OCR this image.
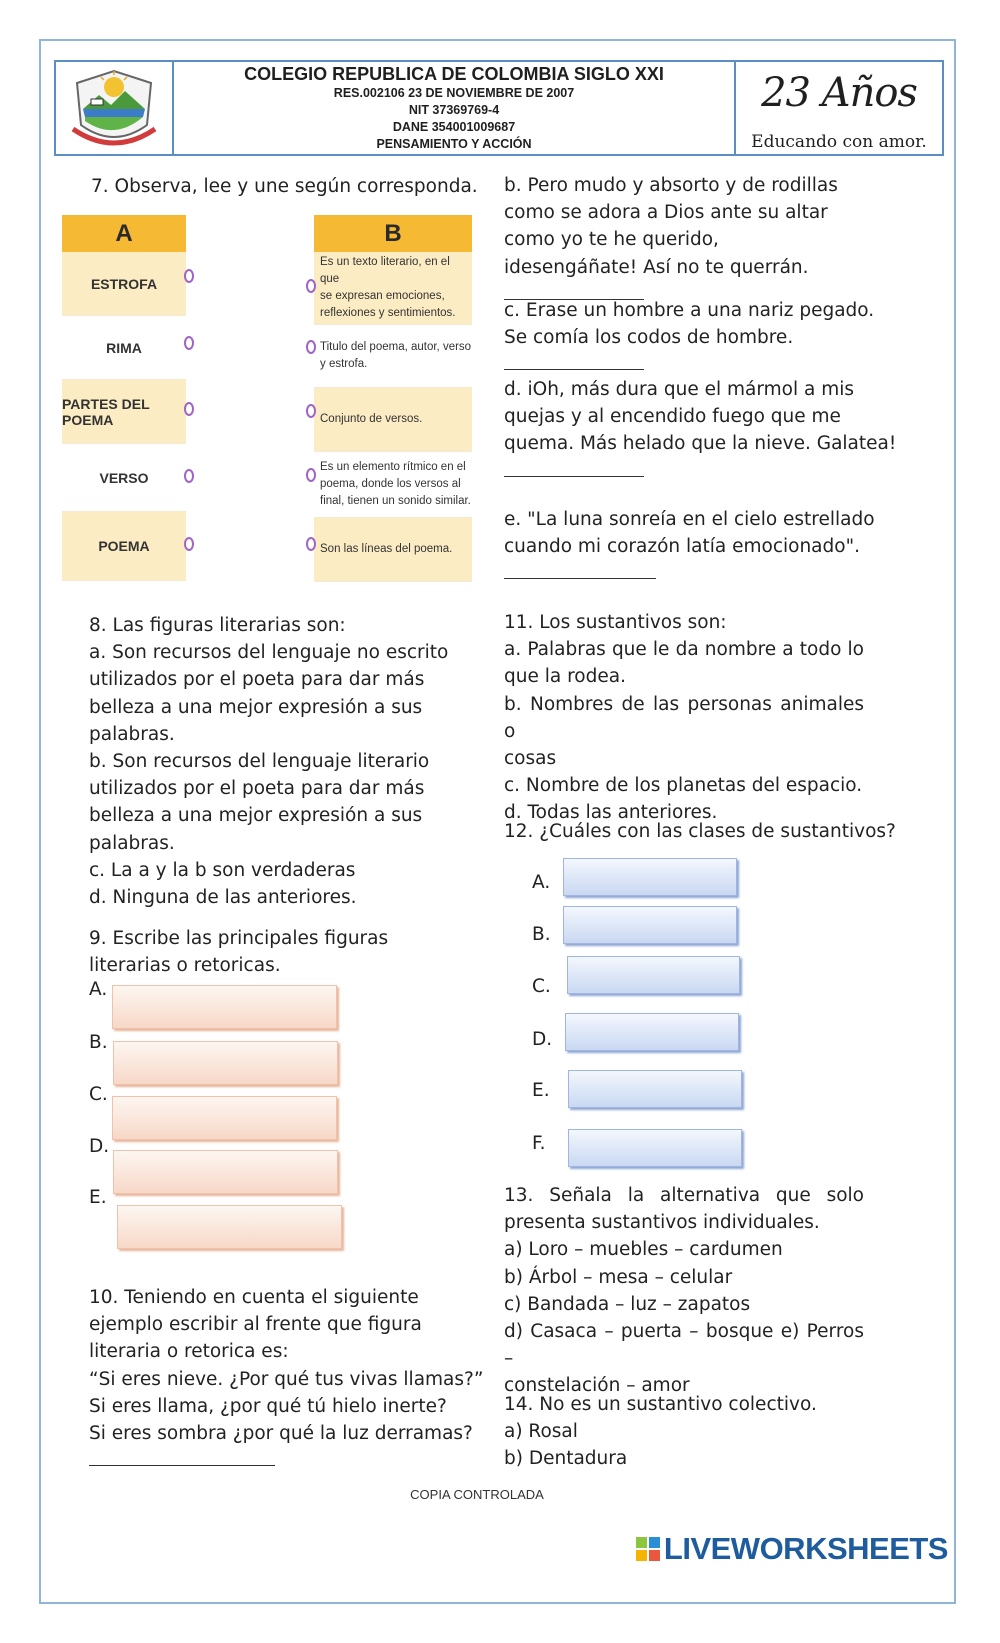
COLEGIO REPUBLICA DE COLOMBIA SIGLO XXI
RES.002106 23 DE NOVIEMBRE DE 2007
NIT 37369769-4
DANE 354001009687
PENSAMIENTO Y ACCIÓN
23 Años
Educando con amor.

7. Observa, lee y une según corresponda.

A
ESTROFA
RIMA
PARTES DEL POEMA
VERSO
POEMA
B
Es un texto literario, en el que
se expresan emociones,
reflexiones y sentimientos.
Titulo del poema, autor, verso
y estrofa.
Conjunto de versos.
Es un elemento rítmico en el
poema, donde los versos al
final, tienen un sonido similar.
Son las líneas del poema.

b. Pero mudo y absorto y de rodillas

como se adora a Dios ante su altar

como yo te he querido,

idesengáñate! Así no te querrán.

c. Erase un hombre a una nariz pegado.

Se comía los codos de hombre.

d. iOh, más dura que el mármol a mis

quejas y al encendido fuego que me

quema. Más helado que la nieve. Galatea!

e. "La luna sonreía en el cielo estrellado

cuando mi corazón latía emocionado".

8. Las figuras literarias son:

a. Son recursos del lenguaje no escrito

utilizados por el poeta para dar más

belleza a una mejor expresión a sus

palabras.

b. Son recursos del lenguaje literario

utilizados por el poeta para dar más

belleza a una mejor expresión a sus

palabras.

c. La a y la b son verdaderas

d. Ninguna de las anteriores.

9. Escribe las principales figuras

literarias o retoricas.

A.
B.
C.
D.
E.

10. Teniendo en cuenta el siguiente

ejemplo escribir al frente que figura

literaria o retorica es:

“Si eres nieve. ¿Por qué tus vivas llamas?”

Si eres llama, ¿por qué tú hielo inerte?

Si eres sombra ¿por qué la luz derramas?

11. Los sustantivos son:

a. Palabras que le da nombre a todo lo

que la rodea.

b. Nombres de las personas animales o

cosas

c. Nombre de los planetas del espacio.

d. Todas las anteriores.

12. ¿Cuáles con las clases de sustantivos?

A.
B.
C.
D.
E.
F.

13. Señala la alternativa que solo

presenta sustantivos individuales.

a) Loro – muebles – cardumen

b) Árbol – mesa – celular

c) Bandada – luz – zapatos

d) Casaca – puerta – bosque e) Perros –

constelación – amor

14. No es un sustantivo colectivo.

a) Rosal

b) Dentadura

COPIA CONTROLADA
LIVEWORKSHEETS
